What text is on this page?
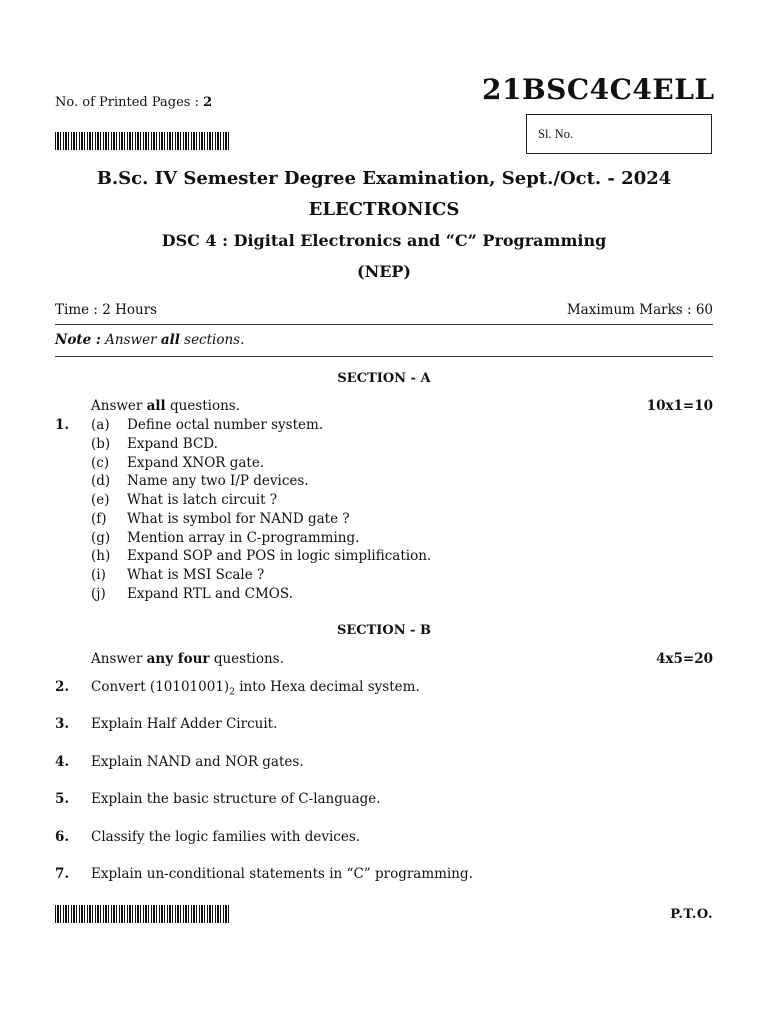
No. of Printed Pages : 2	21BSC4C4ELL
Sl. No.
B.Sc. IV Semester Degree Examination, Sept./Oct. - 2024
ELECTRONICS
DSC 4 : Digital Electronics and “C” Programming
(NEP)
Time : 2 Hours	Maximum Marks : 60
Note : Answer all sections.
SECTION - A
Answer all questions.	10x1=10
1. (a) Define octal number system.
(b) Expand BCD.
(c) Expand XNOR gate.
(d) Name any two I/P devices.
(e) What is latch circuit ?
(f) What is symbol for NAND gate ?
(g) Mention array in C-programming.
(h) Expand SOP and POS in logic simplification.
(i) What is MSI Scale ?
(j) Expand RTL and CMOS.
SECTION - B
Answer any four questions.	4x5=20
2. Convert $(10101001)_2$ into Hexa decimal system.
3. Explain Half Adder Circuit.
4. Explain NAND and NOR gates.
5. Explain the basic structure of C-language.
6. Classify the logic families with devices.
7. Explain un-conditional statements in “C” programming.
P.T.O.
